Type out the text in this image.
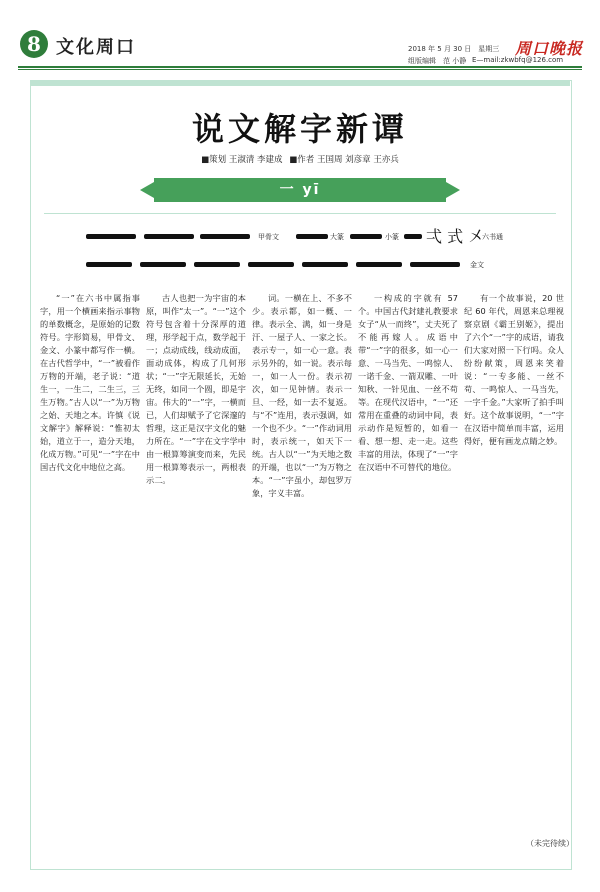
8 文化周口	2018 年 5 月 30 日　星期三 周口晚报
组版编辑　范 小静 E—mail:zkwbfq@126.com
说文解字新谭
■策划 王淑清 李建成 ■作者 王国周 刘彦章 王亦兵
一 yī
甲骨文	大篆	小篆 弌 式 㐅
六书通
金文

“一”在六书中属指事字，用一个横画来指示事物的单数概念，是原始的记数符号。字形简易，甲骨文、金文、小篆中都写作一横。在古代哲学中，“一”被看作万物的开端，老子说：“道生一，一生二，二生三，三生万物。”古人以“一”为万物之始、天地之本。许慎《说文解字》解释说：“惟初太始，道立于一，造分天地，化成万物。”可见“一”字在中国古代文化中地位之高。

古人也把一为宇宙的本原，叫作“太一”。“一”这个符号包含着十分深厚的道理，形学起于点，数学起于一；点动成线，线动成面，面动成体，构成了几何形状；“一”字无限延长，无始无终，如同一个圆，即是宇宙。伟大的“一”字，一横而已，人们却赋予了它深邃的哲理，这正是汉字文化的魅力所在。“一”字在文字学中由一根算筹演变而来，先民用一根算筹表示一，两根表示二。

词。一横在上、不多不少。表示都，如一概、一律。表示全、满，如一身是汗、一屋子人、一家之长。表示专一，如一心一意。表示另外的，如一说。表示每一，如一人一份。表示初次，如一见钟情。表示一旦、一经，如一去不复返。与“不”连用，表示强调，如一个也不少。“一”作动词用时，表示统一，如天下一统。古人以“一”为天地之数的开端，也以“一”为万物之本。“一”字虽小，却包罗万象，字义丰富。

一构成的字就有 57 个。中国古代封建礼教要求女子“从一而终”，丈夫死了不能再嫁人。成语中带“一”字的很多，如一心一意、一马当先、一鸣惊人、一诺千金、一箭双雕、一叶知秋、一针见血、一丝不苟等。在现代汉语中，“一”还常用在重叠的动词中间，表示动作是短暂的，如看一看、想一想、走一走。这些丰富的用法，体现了“一”字在汉语中不可替代的地位。

有一个故事说，20 世纪 60 年代，周恩来总理视察京剧《霸王别姬》，提出了六个“一”字的成语，请我们大家对照一下行吗。众人纷纷献策，周恩来笑着说：“一专多能、一丝不苟、一鸣惊人、一马当先，一字千金。”大家听了拍手叫好。这个故事说明，“一”字在汉语中简单而丰富，运用得好，便有画龙点睛之妙。

（未完待续）
